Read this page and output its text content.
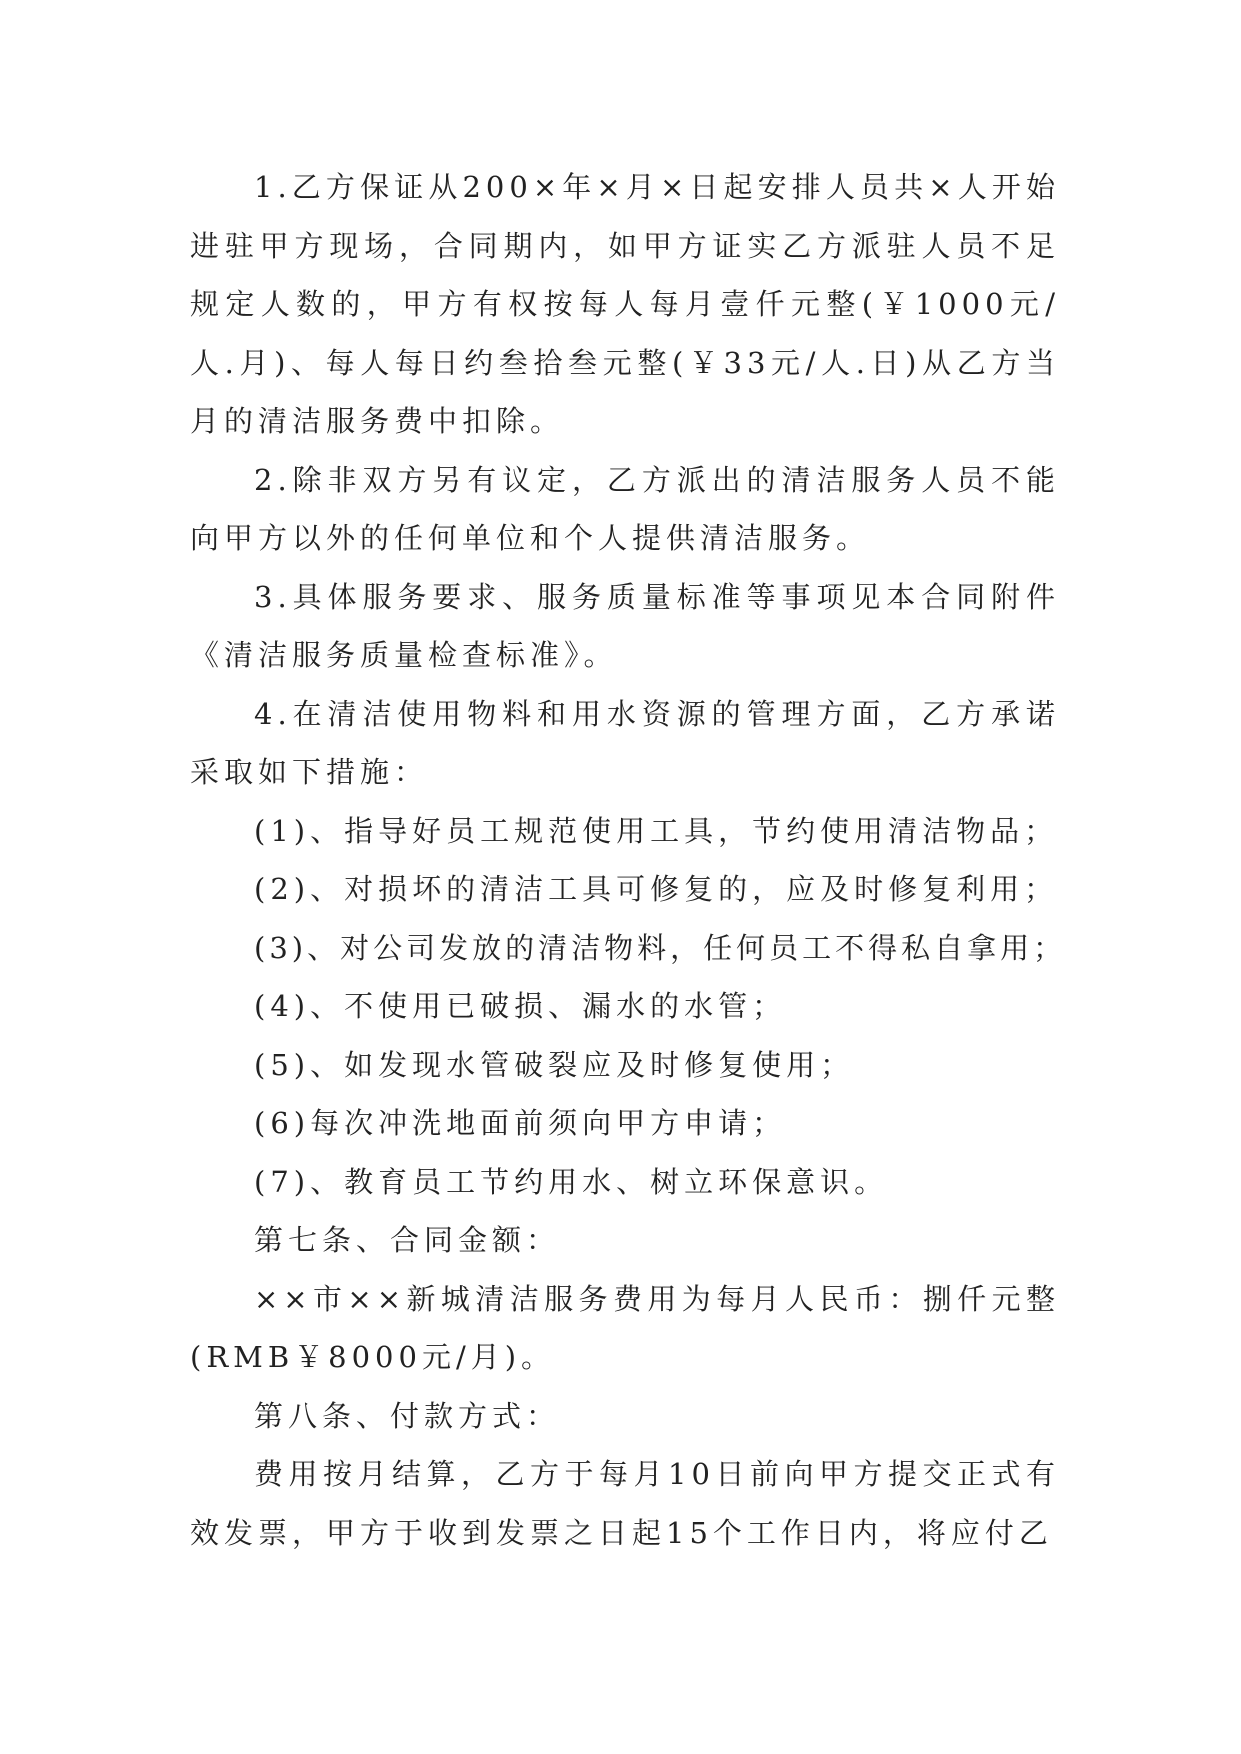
1.乙方保证从200×年×月×日起安排人员共×人开始进驻甲方现场，合同期内，如甲方证实乙方派驻人员不足规定人数的，甲方有权按每人每月壹仟元整(￥1000元/人.月)、每人每日约叁拾叁元整(￥33元/人.日)从乙方当月的清洁服务费中扣除。

2.除非双方另有议定，乙方派出的清洁服务人员不能向甲方以外的任何单位和个人提供清洁服务。

3.具体服务要求、服务质量标准等事项见本合同附件《清洁服务质量检查标准》。

4.在清洁使用物料和用水资源的管理方面，乙方承诺采取如下措施：

(1)、指导好员工规范使用工具，节约使用清洁物品；

(2)、对损坏的清洁工具可修复的，应及时修复利用；

(3)、对公司发放的清洁物料，任何员工不得私自拿用；

(4)、不使用已破损、漏水的水管；

(5)、如发现水管破裂应及时修复使用；

(6)每次冲洗地面前须向甲方申请；

(7)、教育员工节约用水、树立环保意识。

第七条、合同金额：

××市××新城清洁服务费用为每月人民币：捌仟元整(RMB￥8000元/月)。

第八条、付款方式：

费用按月结算，乙方于每月10日前向甲方提交正式有效发票，甲方于收到发票之日起15个工作日内，将应付乙
